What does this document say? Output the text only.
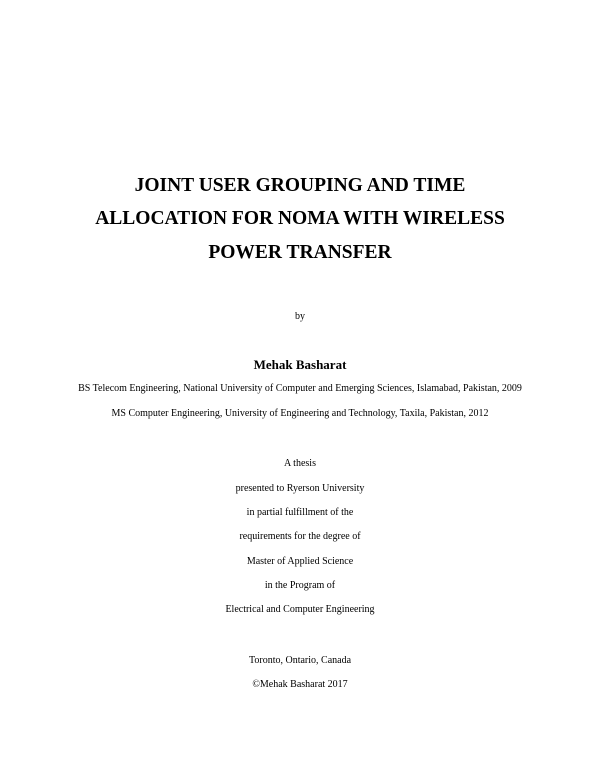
JOINT USER GROUPING AND TIME
ALLOCATION FOR NOMA WITH WIRELESS
POWER TRANSFER
by
Mehak Basharat
BS Telecom Engineering, National University of Computer and Emerging Sciences, Islamabad, Pakistan, 2009
MS Computer Engineering, University of Engineering and Technology, Taxila, Pakistan, 2012
A thesis
presented to Ryerson University
in partial fulfillment of the
requirements for the degree of
Master of Applied Science
in the Program of
Electrical and Computer Engineering
Toronto, Ontario, Canada
©Mehak Basharat 2017
